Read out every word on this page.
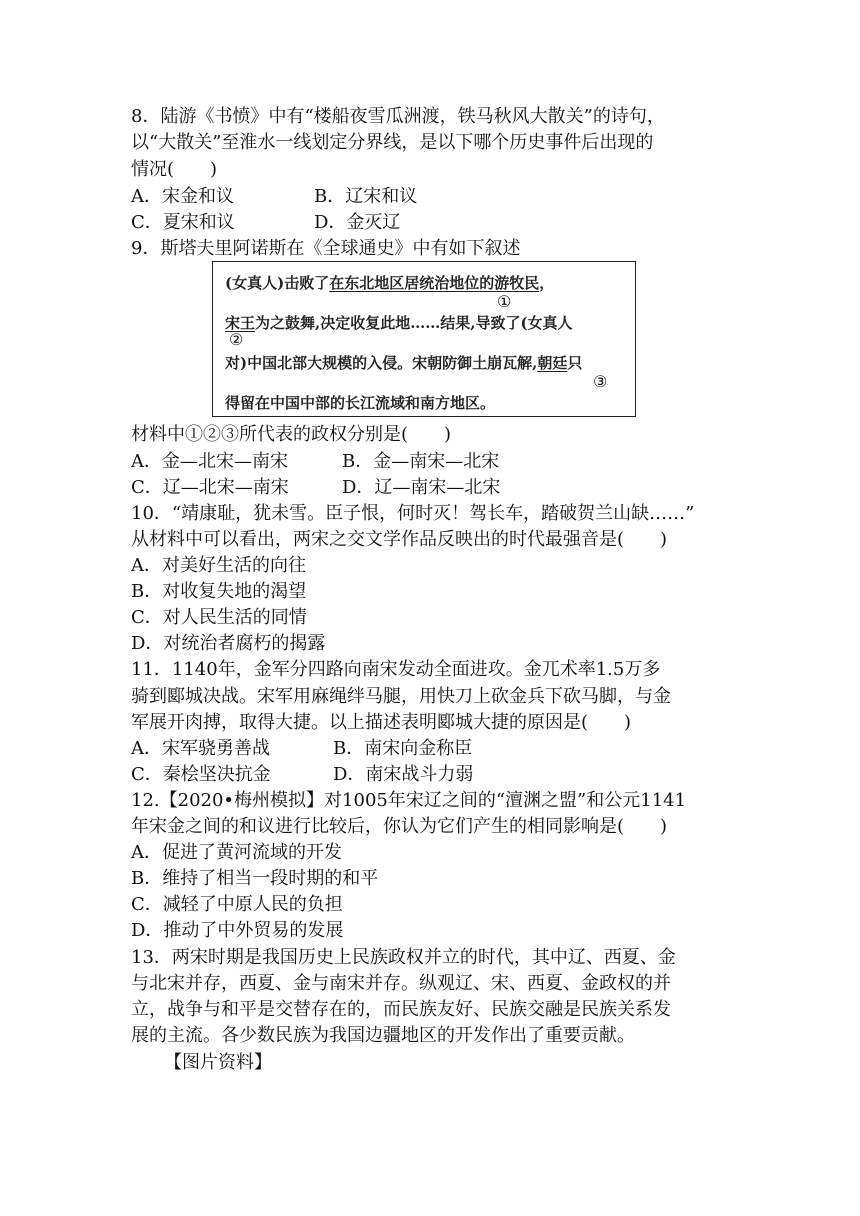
8．陆游《书愤》中有“楼船夜雪瓜洲渡，铁马秋风大散关”的诗句，
以“大散关”至淮水一线划定分界线，是以下哪个历史事件后出现的
情况(　　)
A．宋金和议	B．辽宋和议
C．夏宋和议	D．金灭辽
9．斯塔夫里阿诺斯在《全球通史》中有如下叙述
(女真人)击败了在东北地区居统治地位的游牧民，
①
宋王为之鼓舞,决定收复此地……结果,导致了(女真人
②
对)中国北部大规模的入侵。宋朝防御土崩瓦解,朝廷只
③
得留在中国中部的长江流域和南方地区。
材料中①②③所代表的政权分别是(　　)
A．金—北宋—南宋	B．金—南宋—北宋
C．辽—北宋—南宋	D．辽—南宋—北宋
10．“靖康耻，犹未雪。臣子恨，何时灭！驾长车，踏破贺兰山缺……”
从材料中可以看出，两宋之交文学作品反映出的时代最强音是(　　)
A．对美好生活的向往
B．对收复失地的渴望
C．对人民生活的同情
D．对统治者腐朽的揭露
11．1140年，金军分四路向南宋发动全面进攻。金兀术率1.5万多
骑到郾城决战。宋军用麻绳绊马腿，用快刀上砍金兵下砍马脚，与金
军展开肉搏，取得大捷。以上描述表明郾城大捷的原因是(　　)
A．宋军骁勇善战	B．南宋向金称臣
C．秦桧坚决抗金	D．南宋战斗力弱
12.【2020•梅州模拟】对1005年宋辽之间的“澶渊之盟”和公元1141
年宋金之间的和议进行比较后，你认为它们产生的相同影响是(　　)
A．促进了黄河流域的开发
B．维持了相当一段时期的和平
C．减轻了中原人民的负担
D．推动了中外贸易的发展
13．两宋时期是我国历史上民族政权并立的时代，其中辽、西夏、金
与北宋并存，西夏、金与南宋并存。纵观辽、宋、西夏、金政权的并
立，战争与和平是交替存在的，而民族友好、民族交融是民族关系发
展的主流。各少数民族为我国边疆地区的开发作出了重要贡献。
【图片资料】
